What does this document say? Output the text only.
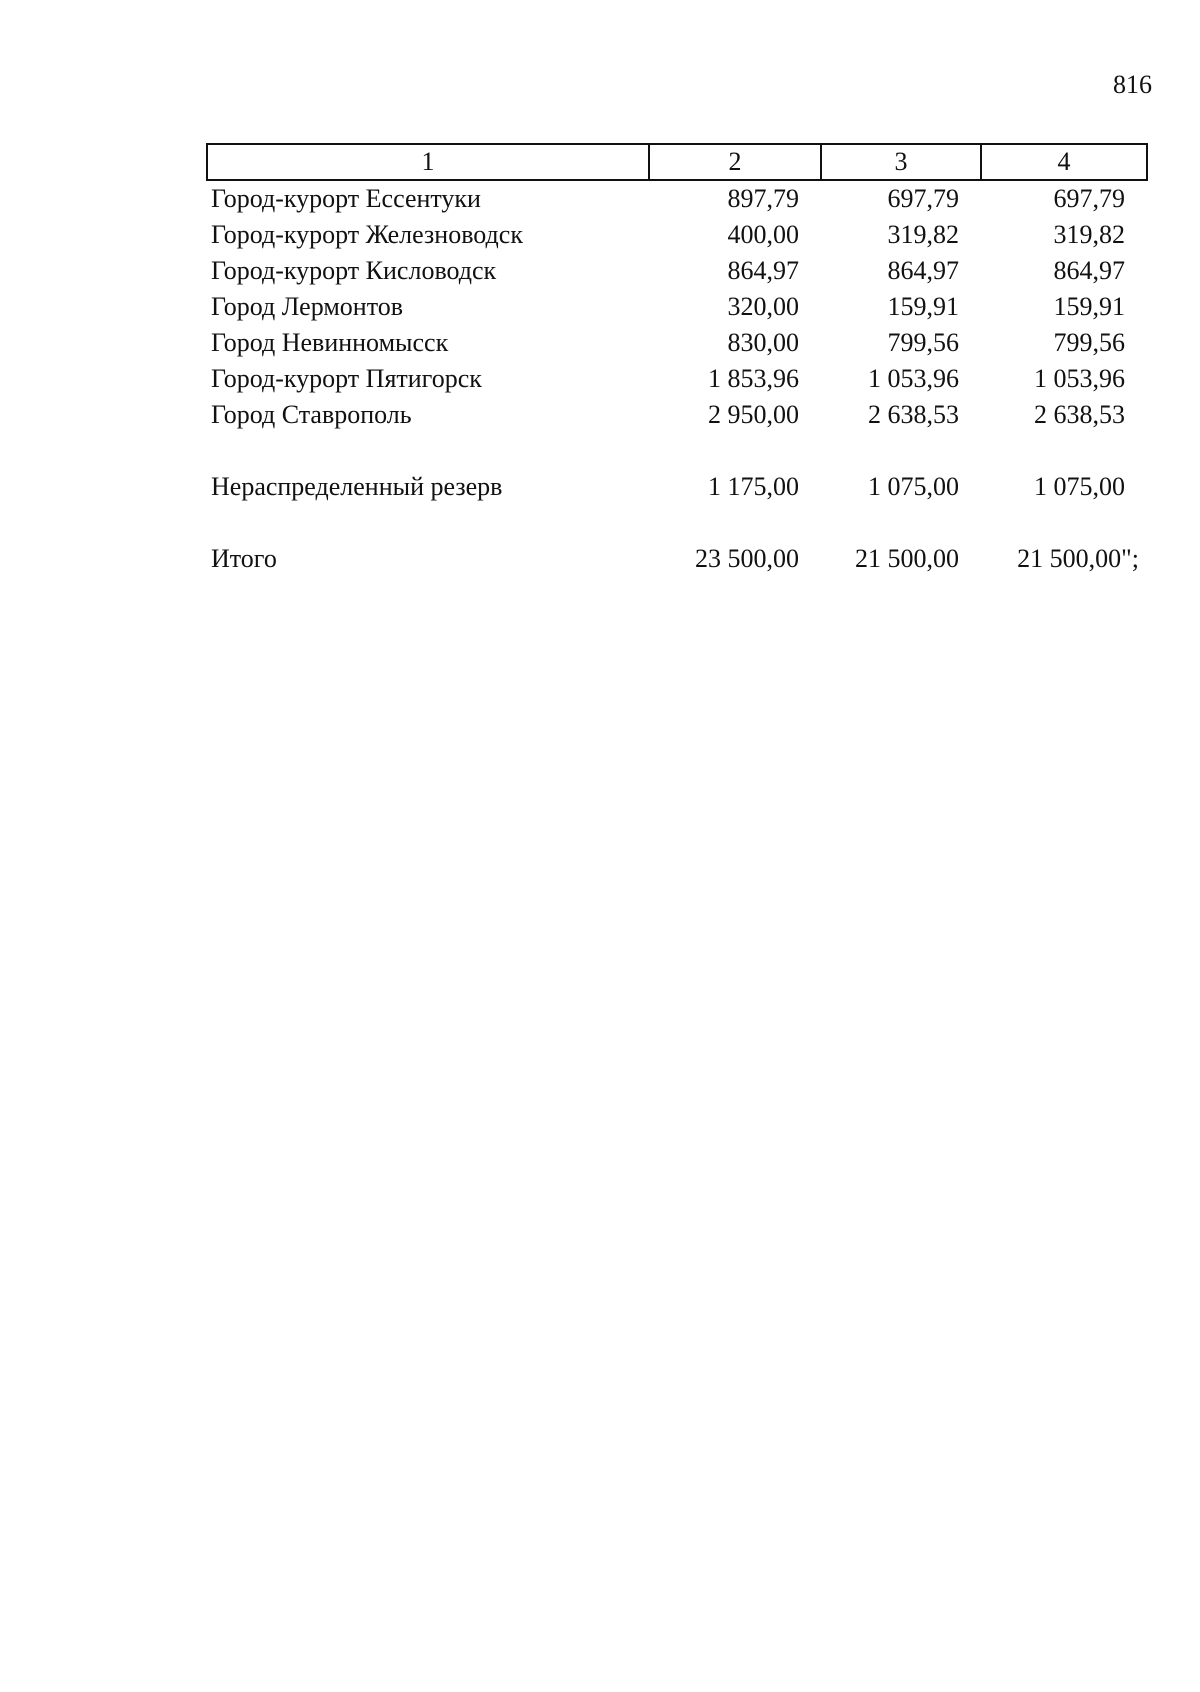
816
1	2	3	4
Город-курорт Ессентуки	897,79	697,79	697,79
Город-курорт Железноводск	400,00	319,82	319,82
Город-курорт Кисловодск	864,97	864,97	864,97
Город Лермонтов	320,00	159,91	159,91
Город Невинномысск	830,00	799,56	799,56
Город-курорт Пятигорск	1 853,96	1 053,96	1 053,96
Город Ставрополь	2 950,00	2 638,53	2 638,53
Нераспределенный резерв	1 175,00	1 075,00	1 075,00
Итого	23 500,00	21 500,00	21 500,00";
